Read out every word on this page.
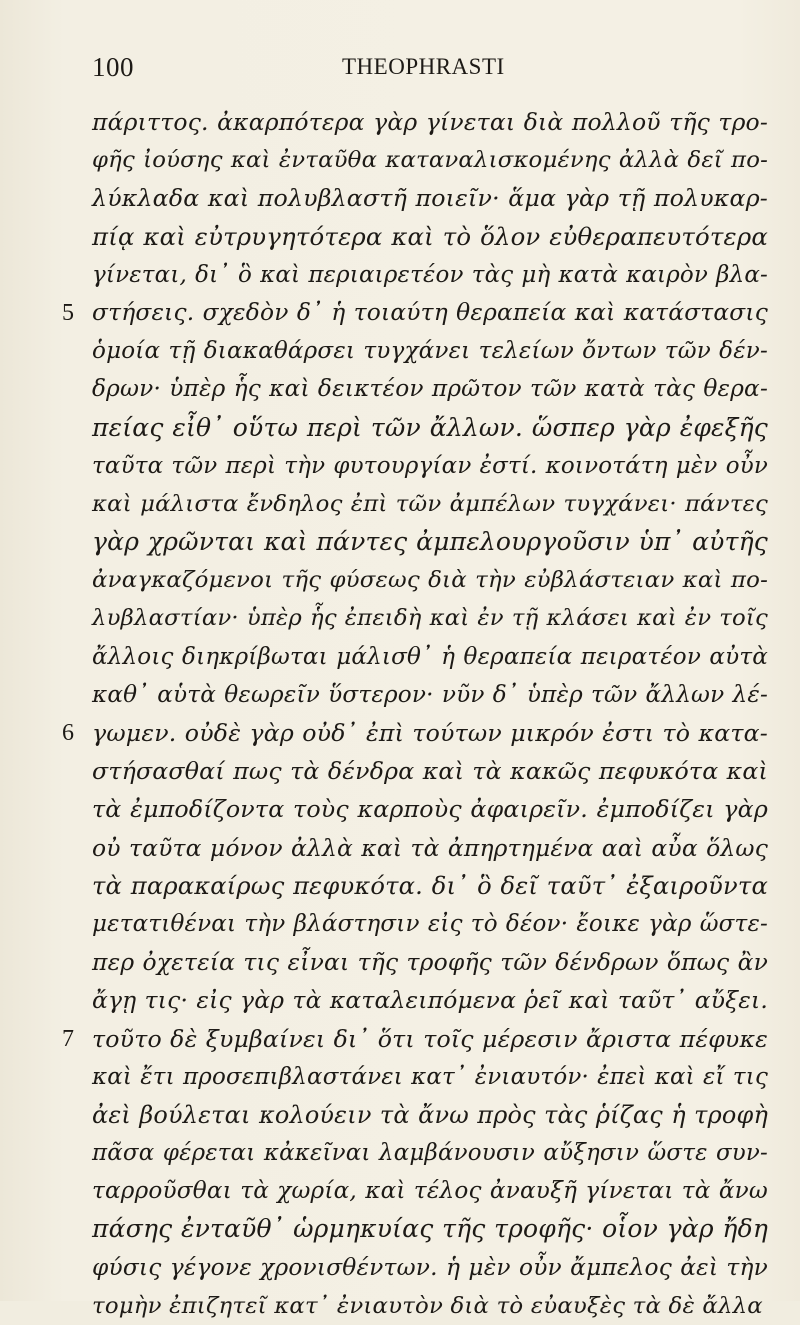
100	THEOPHRASTI
πάριττος. ἀκαρπότερα γὰρ γίνεται διὰ πολλοῦ τῆς τρο-
φῆς ἰούσης καὶ ἐνταῦθα καταναλισκομένης ἀλλὰ δεῖ πο-
λύκλαδα καὶ πολυβλαστῆ ποιεῖν· ἅμα γὰρ τῇ πολυκαρ-
πίᾳ καὶ εὐτρυγητότερα καὶ τὸ ὅλον εὐθεραπευτότερα
γίνεται, δι᾽ ὃ καὶ περιαιρετέον τὰς μὴ κατὰ καιρὸν βλα-
5 στήσεις. σχεδὸν δ᾽ ἡ τοιαύτη θεραπεία καὶ κατάστασις
ὁμοία τῇ διακαθάρσει τυγχάνει τελείων ὄντων τῶν δέν-
δρων· ὑπὲρ ἧς καὶ δεικτέον πρῶτον τῶν κατὰ τὰς θερα-
πείας εἶθ᾽ οὕτω περὶ τῶν ἄλλων. ὥσπερ γὰρ ἐφεξῆς
ταῦτα τῶν περὶ τὴν φυτουργίαν ἐστί. κοινοτάτη μὲν οὖν
καὶ μάλιστα ἔνδηλος ἐπὶ τῶν ἀμπέλων τυγχάνει· πάντες
γὰρ χρῶνται καὶ πάντες ἀμπελουργοῦσιν ὑπ᾽ αὐτῆς
ἀναγκαζόμενοι τῆς φύσεως διὰ τὴν εὐβλάστειαν καὶ πο-
λυβλαστίαν· ὑπὲρ ἧς ἐπειδὴ καὶ ἐν τῇ κλάσει καὶ ἐν τοῖς
ἄλλοις διηκρίβωται μάλισθ᾽ ἡ θεραπεία πειρατέον αὐτὰ
καθ᾽ αὑτὰ θεωρεῖν ὕστερον· νῦν δ᾽ ὑπὲρ τῶν ἄλλων λέ-
6 γωμεν. οὐδὲ γὰρ οὐδ᾽ ἐπὶ τούτων μικρόν ἐστι τὸ κατα-
στήσασθαί πως τὰ δένδρα καὶ τὰ κακῶς πεφυκότα καὶ
τὰ ἐμποδίζοντα τοὺς καρποὺς ἀφαιρεῖν. ἐμποδίζει γὰρ
οὐ ταῦτα μόνον ἀλλὰ καὶ τὰ ἀπηρτημένα ααὶ αὖα ὅλως
τὰ παρακαίρως πεφυκότα. δι᾽ ὃ δεῖ ταῦτ᾽ ἐξαιροῦντα
μετατιθέναι τὴν βλάστησιν εἰς τὸ δέον· ἔοικε γὰρ ὥστε-
περ ὀχετεία τις εἶναι τῆς τροφῆς τῶν δένδρων ὅπως ἂν
ἄγῃ τις· εἰς γὰρ τὰ καταλειπόμενα ῥεῖ καὶ ταῦτ᾽ αὔξει.
7 τοῦτο δὲ ξυμβαίνει δι᾽ ὅτι τοῖς μέρεσιν ἄριστα πέφυκε
καὶ ἔτι προσεπιβλαστάνει κατ᾽ ἐνιαυτόν· ἐπεὶ καὶ εἴ τις
ἀεὶ βούλεται κολούειν τὰ ἄνω πρὸς τὰς ῥίζας ἡ τροφὴ
πᾶσα φέρεται κἀκεῖναι λαμβάνουσιν αὔξησιν ὥστε συν-
ταρροῦσθαι τὰ χωρία, καὶ τέλος ἀναυξῆ γίνεται τὰ ἄνω
πάσης ἐνταῦθ᾽ ὡρμηκυίας τῆς τροφῆς· οἷον γὰρ ἤδη
φύσις γέγονε χρονισθέντων. ἡ μὲν οὖν ἄμπελος ἀεὶ τὴν
τομὴν ἐπιζητεῖ κατ᾽ ἐνιαυτὸν διὰ τὸ εὐαυξὲς τὰ δὲ ἄλλα
